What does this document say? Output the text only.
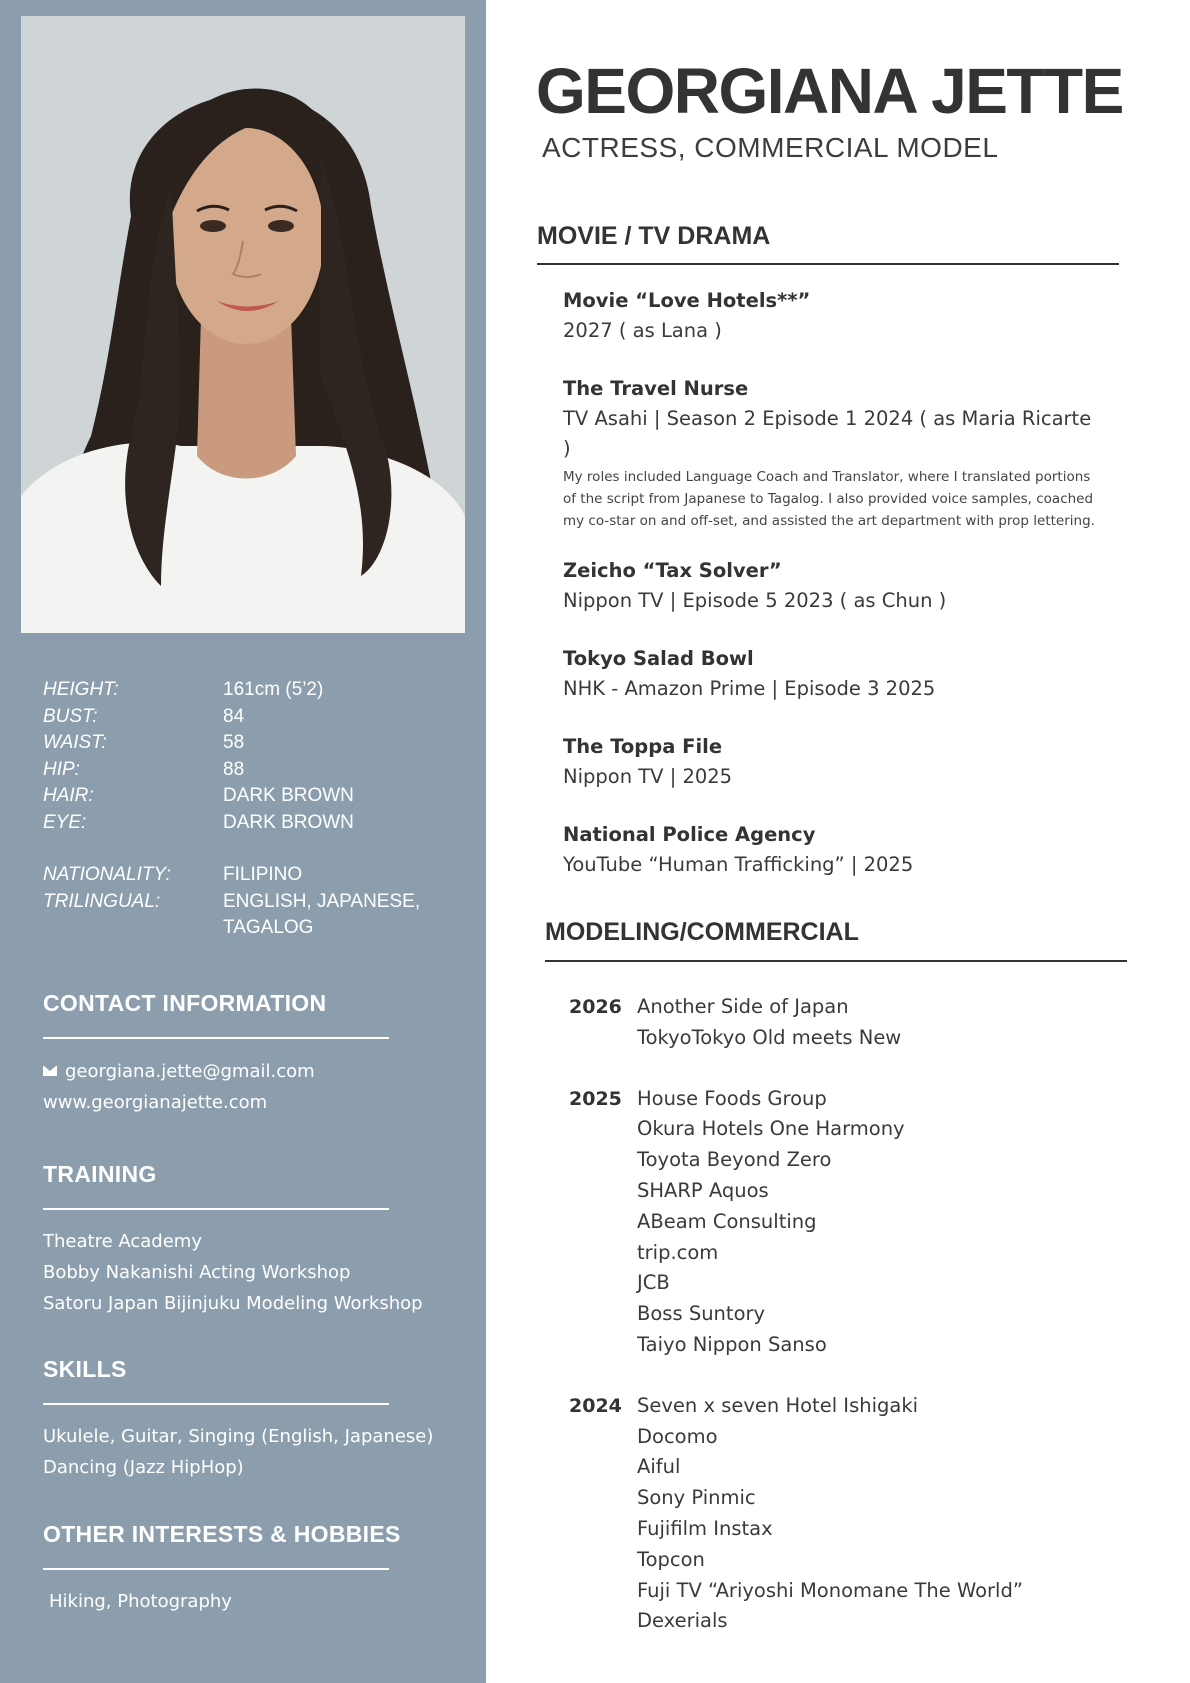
HEIGHT:	161cm (5’2)
BUST:	84
WAIST:	58
HIP:	88
HAIR:	DARK BROWN
EYE:	DARK BROWN
NATIONALITY:	FILIPINO
TRILINGUAL:	ENGLISH, JAPANESE,
TAGALOG
CONTACT INFORMATION
georgiana.jette@gmail.com
www.georgianajette.com
TRAINING
Theatre Academy
Bobby Nakanishi Acting Workshop
Satoru Japan Bijinjuku Modeling Workshop
SKILLS
Ukulele, Guitar, Singing (English, Japanese)
Dancing (Jazz HipHop)
OTHER INTERESTS & HOBBIES
Hiking, Photography
GEORGIANA JETTE
ACTRESS, COMMERCIAL MODEL
MOVIE / TV DRAMA
Movie “Love Hotels**”
2027 ( as Lana )
The Travel Nurse
TV Asahi | Season 2 Episode 1 2024 ( as Maria Ricarte )
My roles included Language Coach and Translator, where I translated portions of the script from Japanese to Tagalog. I also provided voice samples, coached my co-star on and off-set, and assisted the art department with prop lettering.
Zeicho “Tax Solver”
Nippon TV | Episode 5 2023 ( as Chun )
Tokyo Salad Bowl
NHK - Amazon Prime | Episode 3 2025
The Toppa File
Nippon TV | 2025
National Police Agency
YouTube “Human Trafficking” | 2025
MODELING/COMMERCIAL
2026 Another Side of Japan
TokyoTokyo Old meets New
2025 House Foods Group
Okura Hotels One Harmony
Toyota Beyond Zero
SHARP Aquos
ABeam Consulting
trip.com
JCB
Boss Suntory
Taiyo Nippon Sanso
2024 Seven x seven Hotel Ishigaki
Docomo
Aiful
Sony Pinmic
Fujifilm Instax
Topcon
Fuji TV “Ariyoshi Monomane The World”
Dexerials
